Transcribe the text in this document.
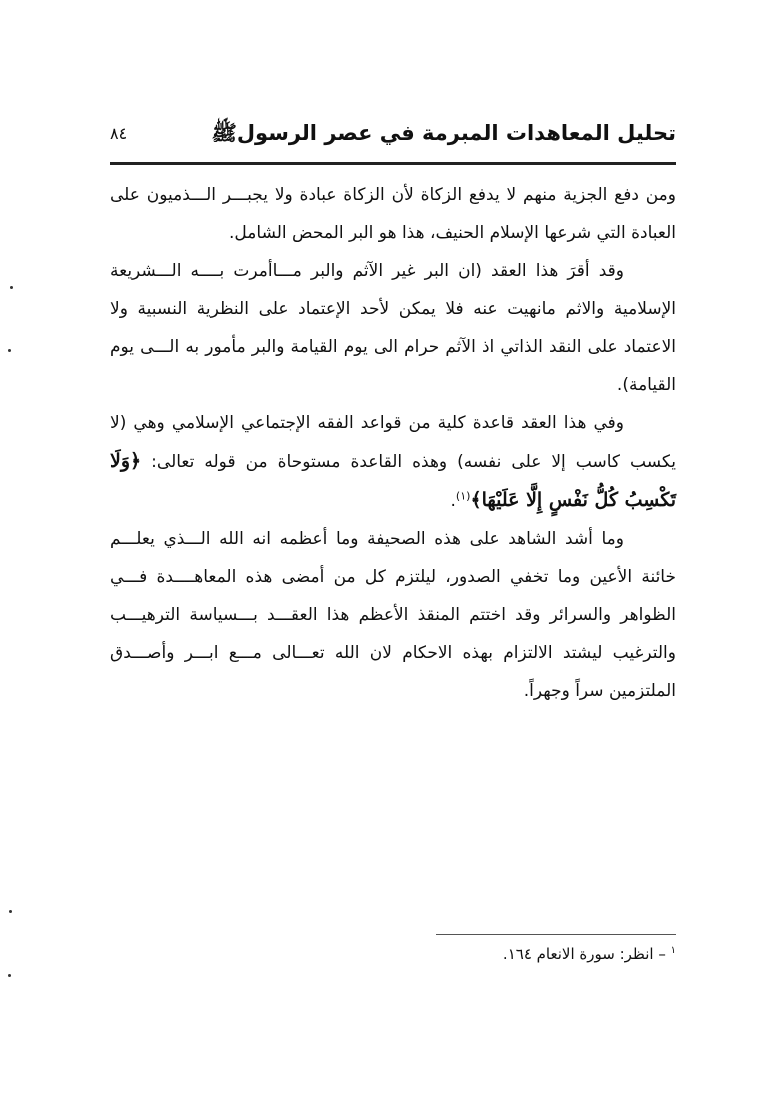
تحليل المعاهدات المبرمة في عصر الرسولﷺ
٨٤

ومن دفع الجزية منهم لا يدفع الزكاة لأن الزكاة عبادة ولا يجبـــر الـــذميون على العبادة التي شرعها الإسلام الحنيف، هذا هو البر المحض الشامل.

وقد أقرَ هذا العقد (ان البر غير الآثم والبر مـــاأمرت بــــه الـــشريعة الإسلامية والاثم مانهيت عنه فلا يمكن لأحد الإعتماد على النظرية النسبية ولا الاعتماد على النقد الذاتي اذ الآثم حرام الى يوم القيامة والبر مأمور به الـــى يوم القيامة).

وفي هذا العقد قاعدة كلية من قواعد الفقه الإجتماعي الإسلامي وهي (لا يكسب كاسب إلا على نفسه) وهذه القاعدة مستوحاة من قوله تعالى: ﴿وَلَا تَكْسِبُ كُلُّ نَفْسٍ إِلَّا عَلَيْهَا﴾$^{(١)}$.

وما أشد الشاهد على هذه الصحيفة وما أعظمه انه الله الـــذي يعلـــم خائنة الأعين وما تخفي الصدور، ليلتزم كل من أمضى هذه المعاهــــدة فـــي الظواهر والسرائر وقد اختتم المنقذ الأعظم هذا العقـــد بـــسياسة الترهيـــب والترغيب ليشتد الالتزام بهذه الاحكام لان الله تعـــالى مـــع ابـــر وأصـــدق الملتزمين سراً وجهراً.

$^١$ – انظر: سورة الانعام ١٦٤.
